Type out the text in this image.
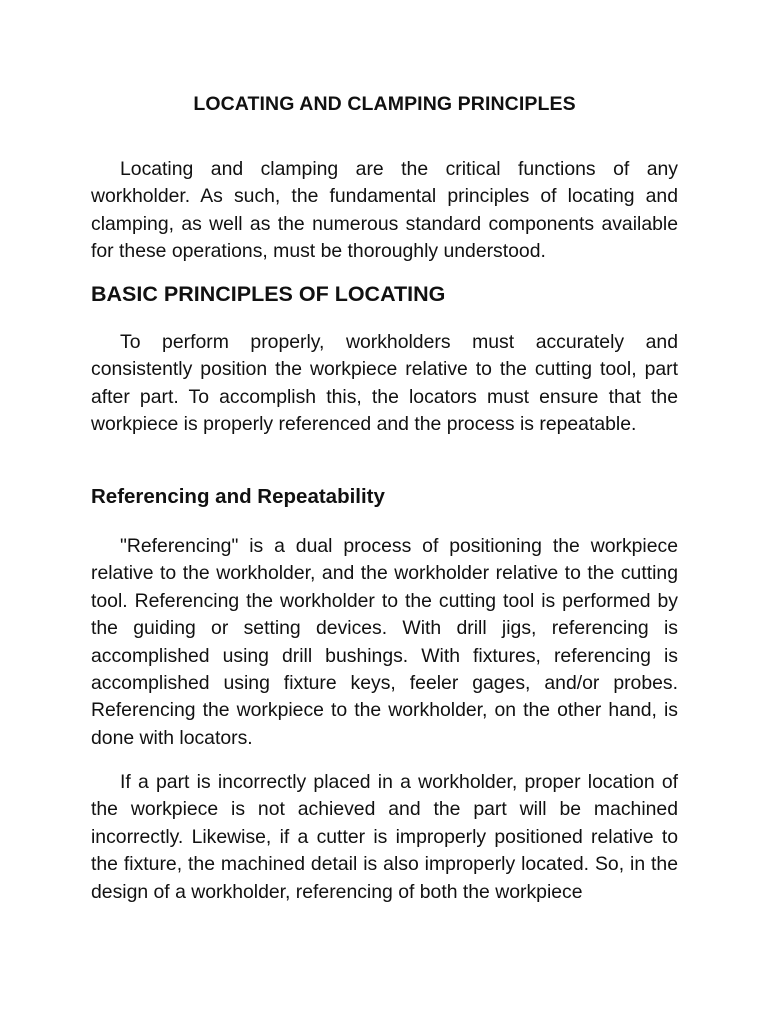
LOCATING AND CLAMPING PRINCIPLES

Locating and clamping are the critical functions of any workholder. As such, the fundamental principles of locating and clamping, as well as the numerous standard components available for these operations, must be thoroughly understood.

BASIC PRINCIPLES OF LOCATING

To perform properly, workholders must accurately and consistently position the workpiece relative to the cutting tool, part after part. To accomplish this, the locators must ensure that the workpiece is properly referenced and the process is repeatable.

Referencing and Repeatability

"Referencing" is a dual process of positioning the workpiece relative to the workholder, and the workholder relative to the cutting tool. Referencing the workholder to the cutting tool is performed by the guiding or setting devices. With drill jigs, referencing is accomplished using drill bushings. With fixtures, referencing is accomplished using fixture keys, feeler gages, and/or probes. Referencing the workpiece to the workholder, on the other hand, is done with locators.

If a part is incorrectly placed in a workholder, proper location of the workpiece is not achieved and the part will be machined incorrectly. Likewise, if a cutter is improperly positioned relative to the fixture, the machined detail is also improperly located. So, in the design of a workholder, referencing of both the workpiece
